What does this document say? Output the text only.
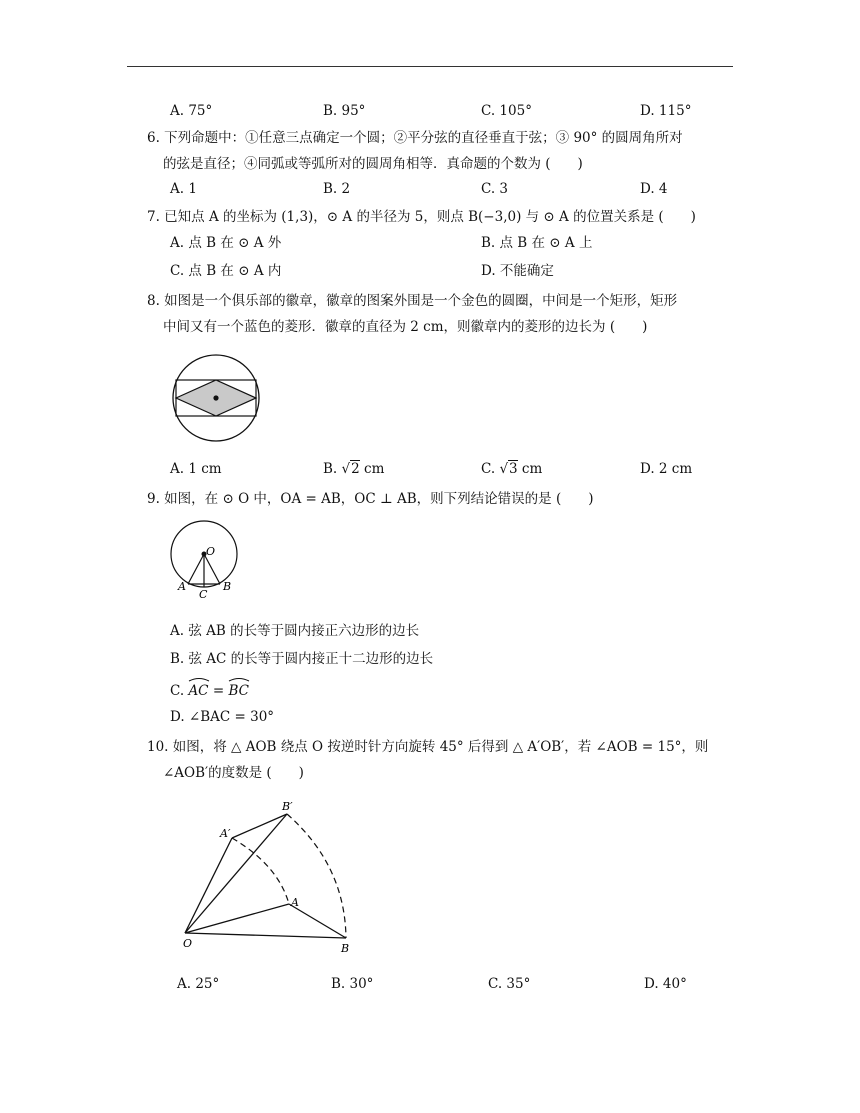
A. 75°	B. 95°	C. 105°	D. 115°
6. 下列命题中：①任意三点确定一个圆；②平分弦的直径垂直于弦；③ 90° 的圆周角所对
的弦是直径；④同弧或等弧所对的圆周角相等．真命题的个数为 (　　)
A. 1	B. 2	C. 3	D. 4
7. 已知点 A 的坐标为 (1,3)，⊙ A 的半径为 5，则点 B(−3,0) 与 ⊙ A 的位置关系是 (　　)
A. 点 B 在 ⊙ A 外	B. 点 B 在 ⊙ A 上
C. 点 B 在 ⊙ A 内	D. 不能确定
8. 如图是一个俱乐部的徽章，徽章的图案外围是一个金色的圆圈，中间是一个矩形，矩形
中间又有一个蓝色的菱形．徽章的直径为 2 cm，则徽章内的菱形的边长为 (　　)
A. 1 cm	B. √2 cm	C. √3 cm	D. 2 cm
9. 如图，在 ⊙ O 中，OA = AB，OC ⊥ AB，则下列结论错误的是 (　　)
O
A	B
C
A. 弦 AB 的长等于圆内接正六边形的边长
B. 弦 AC 的长等于圆内接正十二边形的边长
C.
AC =
BC
D. ∠BAC = 30°
10. 如图，将 △ AOB 绕点 O 按逆时针方向旋转 45° 后得到 △ A′OB′，若 ∠AOB = 15°，则
∠AOB′的度数是 (　　)
O
A
B
A′
B′
A. 25°	B. 30°	C. 35°	D. 40°
